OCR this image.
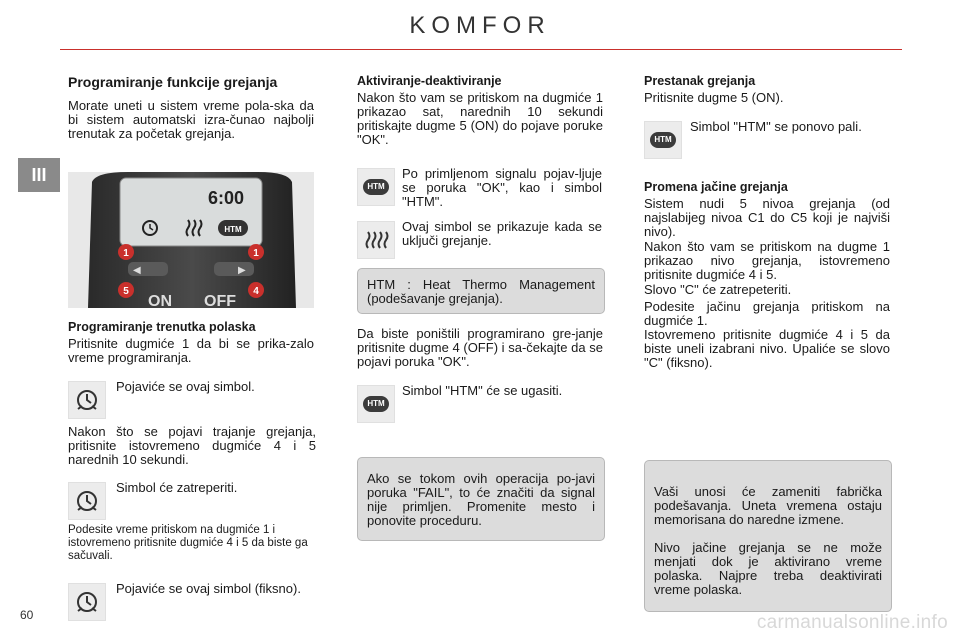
KOMFOR
III
60	carmanualsonline.info
Programiranje funkcije grejanja

Morate uneti u sistem vreme pola-ska da bi sistem automatski izra-čunao najbolji trenutak za početak grejanja.

6:00
HTM
◀	▶
1	1
5	4
ON OFF
Programiranje trenutka polaska

Pritisnite dugmiće 1 da bi se prika-zalo vreme programiranja.

Pojaviće se ovaj simbol.

Nakon što se pojavi trajanje grejanja, pritisnite istovremeno dugmiće 4 i 5 narednih 10 sekundi.

Simbol će zatreperiti.

Podesite vreme pritiskom na dugmiće 1 i istovremeno pritisnite dugmiće 4 i 5 da biste ga sačuvali.

Pojaviće se ovaj simbol (fiksno).

Aktiviranje-deaktiviranje

Nakon što vam se pritiskom na dugmiće 1 prikazao sat, narednih 10 sekundi pritiskajte dugme 5 (ON) do pojave poruke "OK".

HTM

Po primljenom signalu pojav-ljuje se poruka "OK", kao i simbol "HTM".

Ovaj simbol se prikazuje kada se uključi grejanje.

HTM : Heat Thermo Management (podešavanje grejanja).

Da biste poništili programirano gre-janje pritisnite dugme 4 (OFF) i sa-čekajte da se pojavi poruka "OK".

HTM

Simbol "HTM" će se ugasiti.

Ako se tokom ovih operacija po-javi poruka "FAIL", to će značiti da signal nije primljen. Promenite mesto i ponovite proceduru.

Prestanak grejanja

Pritisnite dugme 5 (ON).

HTM

Simbol "HTM" se ponovo pali.

Promena jačine grejanja

Sistem nudi 5 nivoa grejanja (od najslabijeg nivoa C1 do C5 koji je najviši nivo).

Nakon što vam se pritiskom na dugme 1 prikazao nivo grejanja, istovremeno pritisnite dugmiće 4 i 5.

Slovo "C" će zatrepeteriti.

Podesite jačinu grejanja pritiskom na dugmiće 1.

Istovremeno pritisnite dugmiće 4 i 5 da biste uneli izabrani nivo. Upaliće se slovo "C" (fiksno).

Vaši unosi će zameniti fabrička podešavanja. Uneta vremena ostaju memorisana do naredne izmene.

Nivo jačine grejanja se ne može menjati dok je aktivirano vreme polaska. Najpre treba deaktivirati vreme polaska.
